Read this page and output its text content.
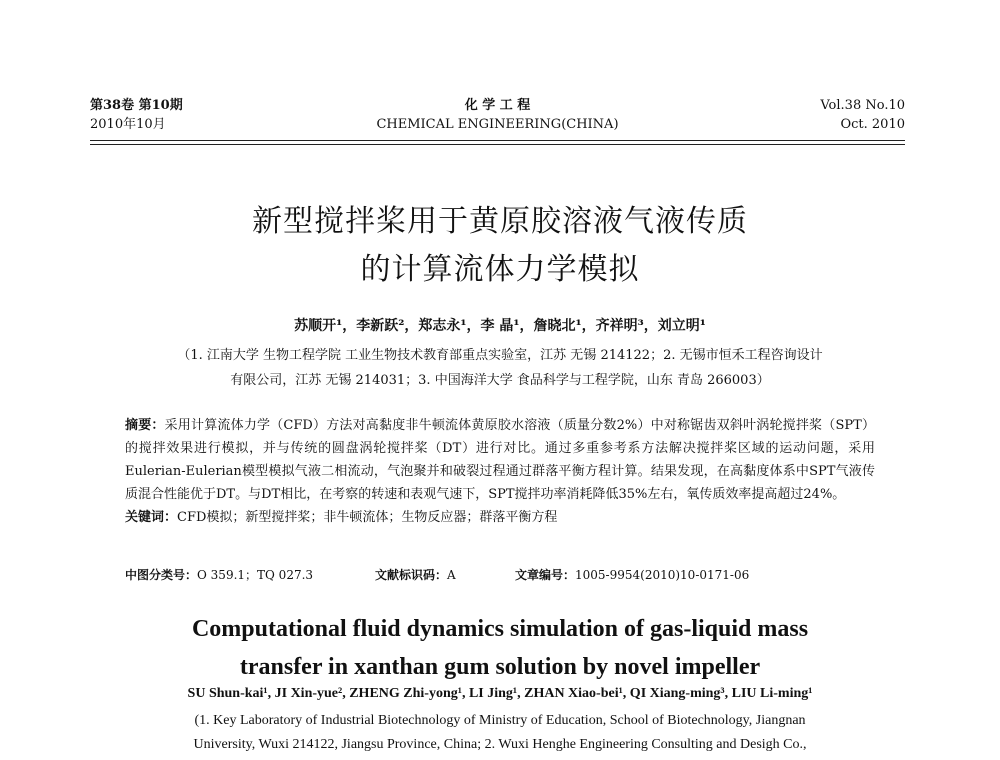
第38卷 第10期
2010年10月
化 学 工 程
CHEMICAL ENGINEERING(CHINA)
Vol.38 No.10
Oct. 2010
新型搅拌桨用于黄原胶溶液气液传质
的计算流体力学模拟
苏顺开¹，李新跃²，郑志永¹，李 晶¹，詹晓北¹，齐祥明³，刘立明¹
（1. 江南大学 生物工程学院 工业生物技术教育部重点实验室，江苏 无锡 214122；2. 无锡市恒禾工程咨询设计
有限公司，江苏 无锡 214031；3. 中国海洋大学 食品科学与工程学院，山东 青岛 266003）
摘要：采用计算流体力学（CFD）方法对高黏度非牛顿流体黄原胶水溶液（质量分数2%）中对称锯齿双斜叶涡轮搅拌桨（SPT）的搅拌效果进行模拟，并与传统的圆盘涡轮搅拌桨（DT）进行对比。通过多重参考系方法解决搅拌桨区域的运动问题，采用Eulerian-Eulerian模型模拟气液二相流动，气泡聚并和破裂过程通过群落平衡方程计算。结果发现，在高黏度体系中SPT气液传质混合性能优于DT。与DT相比，在考察的转速和表观气速下，SPT搅拌功率消耗降低35%左右，氧传质效率提高超过24%。
关键词：CFD模拟；新型搅拌桨；非牛顿流体；生物反应器；群落平衡方程
中图分类号：O 359.1；TQ 027.3	文献标识码：A	文章编号：1005-9954(2010)10-0171-06
Computational fluid dynamics simulation of gas-liquid mass
transfer in xanthan gum solution by novel impeller
SU Shun-kai¹, JI Xin-yue², ZHENG Zhi-yong¹, LI Jing¹, ZHAN Xiao-bei¹, QI Xiang-ming³, LIU Li-ming¹
(1. Key Laboratory of Industrial Biotechnology of Ministry of Education, School of Biotechnology, Jiangnan
University, Wuxi 214122, Jiangsu Province, China; 2. Wuxi Henghe Engineering Consulting and Desigh Co.,
